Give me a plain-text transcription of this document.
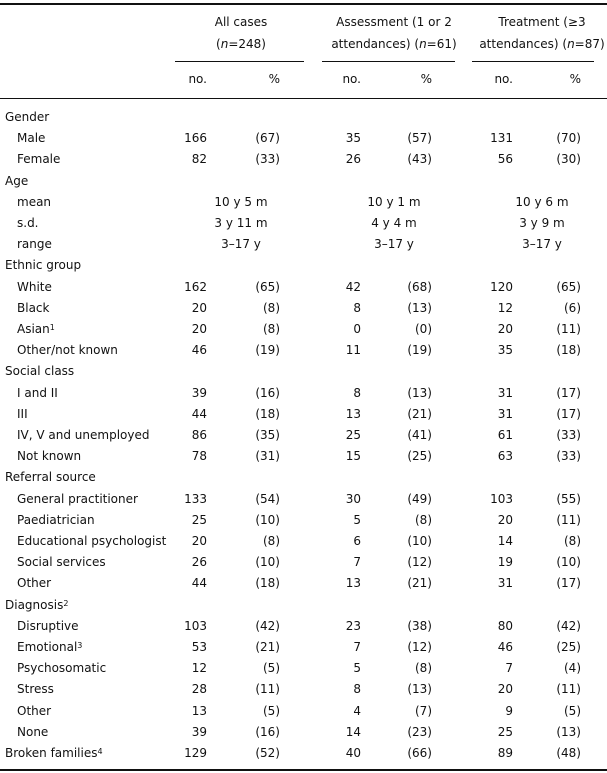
All cases
(n=248)
no.	%
Assessment (1 or 2
attendances) (n=61)
no.	%
Treatment (≥3
attendances) (n=87)
no.	%
Gender
Male	166	(67)	35	(57)	131	(70)
Female	82	(33)	26	(43)	56	(30)
Age
mean	10 y 5 m	10 y 1 m	10 y 6 m
s.d.	3 y 11 m	4 y 4 m	3 y 9 m
range	3–17 y	3–17 y	3–17 y
Ethnic group
White	162	(65)	42	(68)	120	(65)
Black	20	(8)	8	(13)	12	(6)
Asian$^1$	20	(8)	0	(0)	20	(11)
Other/not known	46	(19)	11	(19)	35	(18)
Social class
I and II	39	(16)	8	(13)	31	(17)
III	44	(18)	13	(21)	31	(17)
IV, V and unemployed	86	(35)	25	(41)	61	(33)
Not known	78	(31)	15	(25)	63	(33)
Referral source
General practitioner	133	(54)	30	(49)	103	(55)
Paediatrician	25	(10)	5	(8)	20	(11)
Educational psychologist 20	(8)	6	(10)	14	(8)
Social services	26	(10)	7	(12)	19	(10)
Other	44	(18)	13	(21)	31	(17)
Diagnosis$^2$
Disruptive	103	(42)	23	(38)	80	(42)
Emotional$^3$	53	(21)	7	(12)	46	(25)
Psychosomatic	12	(5)	5	(8)	7	(4)
Stress	28	(11)	8	(13)	20	(11)
Other	13	(5)	4	(7)	9	(5)
None	39	(16)	14	(23)	25	(13)
Broken families$^4$	129	(52)	40	(66)	89	(48)
